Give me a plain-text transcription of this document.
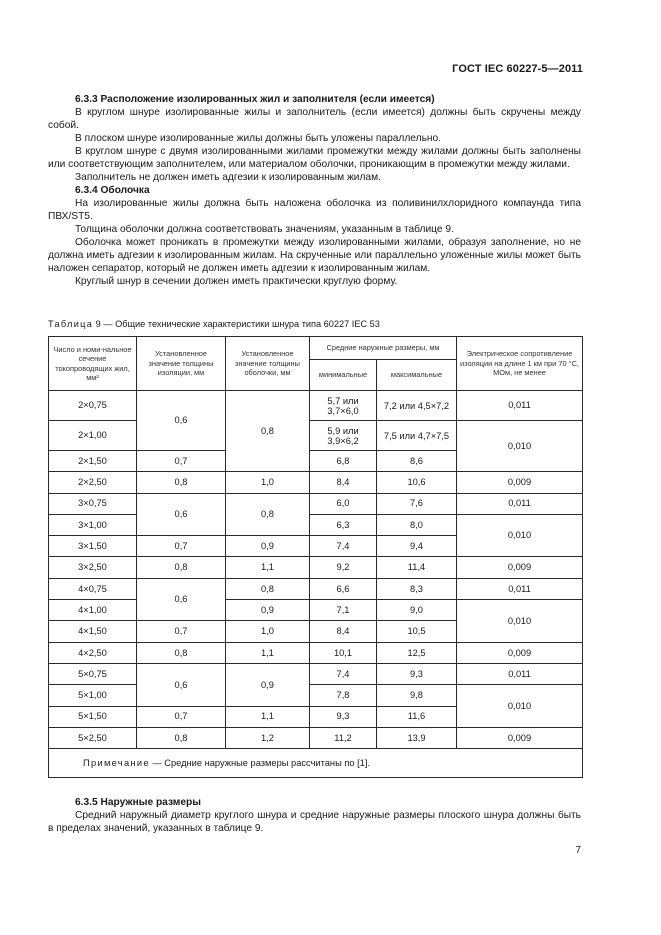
ГОСТ IEC 60227-5—2011

6.3.3 Расположение изолированных жил и заполнителя (если имеется)

В круглом шнуре изолированные жилы и заполнитель (если имеется) должны быть скручены между собой.

В плоском шнуре изолированные жилы должны быть уложены параллельно.

В круглом шнуре с двумя изолированными жилами промежутки между жилами должны быть заполнены или соответствующим заполнителем, или материалом оболочки, проникающим в промежутки между жилами.

Заполнитель не должен иметь адгезии к изолированным жилам.

6.3.4 Оболочка

На изолированные жилы должна быть наложена оболочка из поливинилхлоридного компаунда типа ПВХ/ST5.

Толщина оболочки должна соответствовать значениям, указанным в таблице 9.

Оболочка может проникать в промежутки между изолированными жилами, образуя заполнение, но не должна иметь адгезии к изолированным жилам. На скрученные или параллельно уложенные жилы может быть наложен сепаратор, который не должен иметь адгезии к изолированным жилам.

Круглый шнур в сечении должен иметь практически круглую форму.

Таблица 9 — Общие технические характеристики шнура типа 60227 IEC 53
Число и номи-нальное сечение токопроводящих жил, мм²	Установленное значение толщины изоляции, мм	Установленное значение толщины оболочки, мм	Средние наружные размеры, мм		Электрическое сопротивление изоляции на длине 1 км при 70 °C, МОм, не менее
			минимальные	максимальные	
2×0,75	0,6	0,8	5,7 или 3,7×6,0	7,2 или 4,5×7,2	0,011
2×1,00			5,9 или 3,9×6,2	7,5 или 4,7×7,5	0,010
2×1,50	0,7		6,8	8,6	
2×2,50	0,8	1,0	8,4	10,6	0,009
3×0,75	0,6	0,8	6,0	7,6	0,011
3×1,00			6,3	8,0	0,010
3×1,50	0,7	0,9	7,4	9,4	
3×2,50	0,8	1,1	9,2	11,4	0,009
4×0,75	0,6	0,8	6,6	8,3	0,011
4×1,00		0,9	7,1	9,0	0,010
4×1,50	0,7	1,0	8,4	10,5	
4×2,50	0,8	1,1	10,1	12,5	0,009
5×0,75	0,6	0,9	7,4	9,3	0,011
5×1,00			7,8	9,8	0,010
5×1,50	0,7	1,1	9,3	11,6	
5×2,50	0,8	1,2	11,2	13,9	0,009
Примечание — Средние наружные размеры рассчитаны по [1].					

6.3.5 Наружные размеры

Средний наружный диаметр круглого шнура и средние наружные размеры плоского шнура должны быть в пределах значений, указанных в таблице 9.

7
